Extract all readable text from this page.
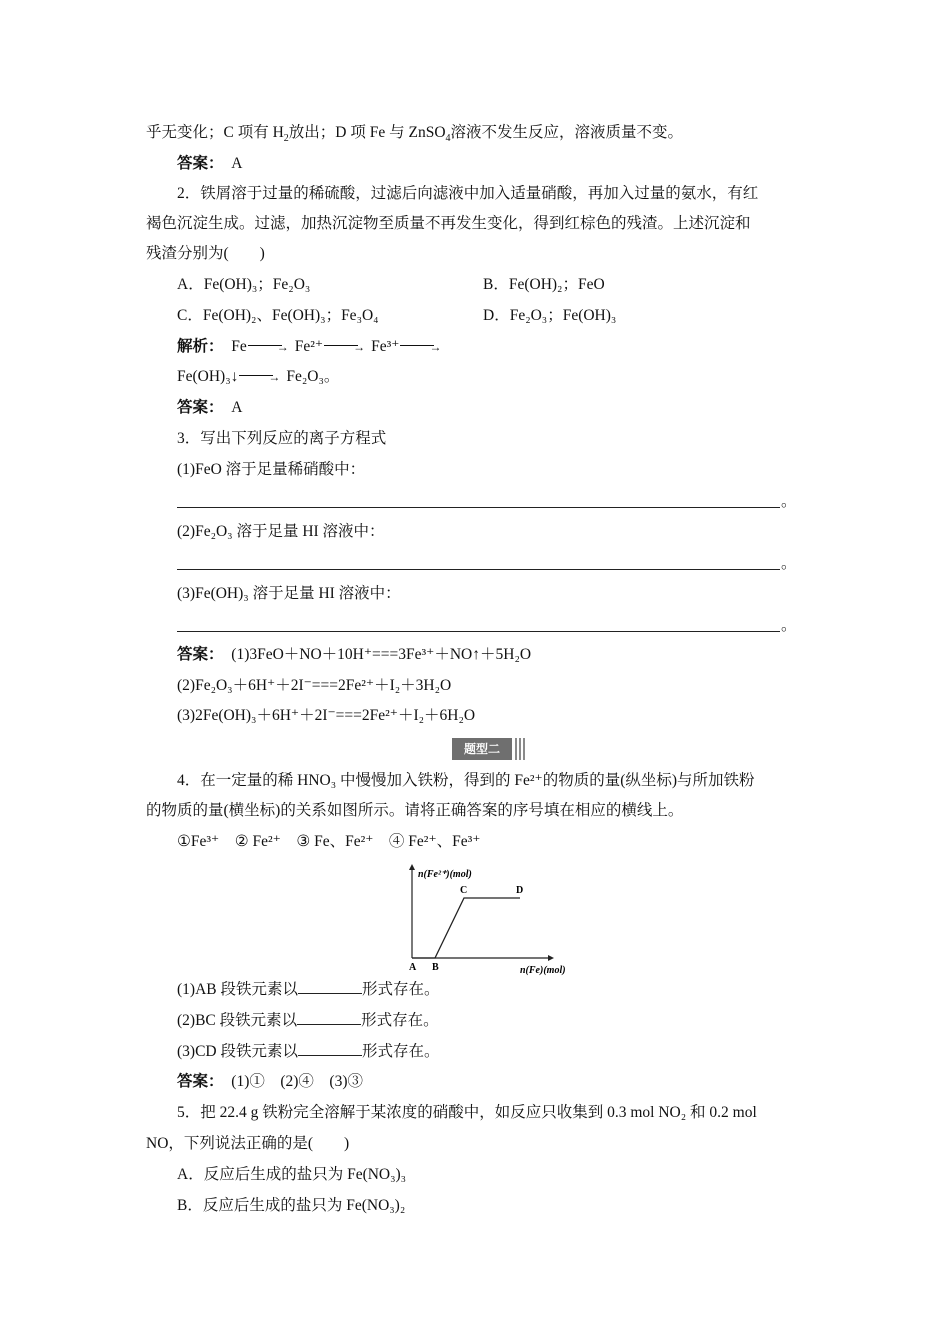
乎无变化；C 项有 $H_2$放出；D 项 Fe 与 ZnSO$_4$溶液不发生反应，溶液质量不变。
答案：　 A
2．铁屑溶于过量的稀硫酸，过滤后向滤液中加入适量硝酸，再加入过量的氨水，有红
褐色沉淀生成。过滤，加热沉淀物至质量不再发生变化，得到红棕色的残渣。上述沉淀和
残渣分别为(　　)
A．Fe(OH)₃；Fe₂O₃	B．Fe(OH)₂；FeO
C．Fe(OH)₂、Fe(OH)₃；Fe₃O₄	D．Fe₂O₃；Fe(OH)₃
解析：　 Fe	→ Fe²⁺	→ Fe³⁺	→
Fe(OH)₃↓	→ Fe₂O₃。
答案：　 A
3．写出下列反应的离子方程式
(1)FeO 溶于足量稀硝酸中：
。
(2)Fe₂O₃ 溶于足量 HI 溶液中：
。
(3)Fe(OH)₃ 溶于足量 HI 溶液中：
。
答案：　 (1)3FeO＋NO＋10H⁺===3Fe³⁺＋NO↑＋5H₂O
(2)Fe₂O₃＋6H⁺＋2I⁻===2Fe²⁺＋I₂＋3H₂O
(3)2Fe(OH)₃＋6H⁺＋2I⁻===2Fe²⁺＋I₂＋6H₂O
题型二
4．在一定量的稀 HNO₃ 中慢慢加入铁粉，得到的 Fe²⁺的物质的量(纵坐标)与所加铁粉
的物质的量(横坐标)的关系如图所示。请将正确答案的序号填在相应的横线上。
①Fe³⁺　② Fe²⁺　③ Fe、Fe²⁺　④ Fe²⁺、Fe³⁺
n(Fe²⁺)(mol)
n(Fe)(mol)
A B
C	D
(1)AB 段铁元素以	形式存在。
(2)BC 段铁元素以	形式存在。
(3)CD 段铁元素以	形式存在。
答案：　 (1)①　(2)④　(3)③
5．把 22.4 g 铁粉完全溶解于某浓度的硝酸中，如反应只收集到 0.3 mol NO₂ 和 0.2 mol
NO，下列说法正确的是(　　)
A．反应后生成的盐只为 Fe(NO₃)₃
B．反应后生成的盐只为 Fe(NO₃)₂
